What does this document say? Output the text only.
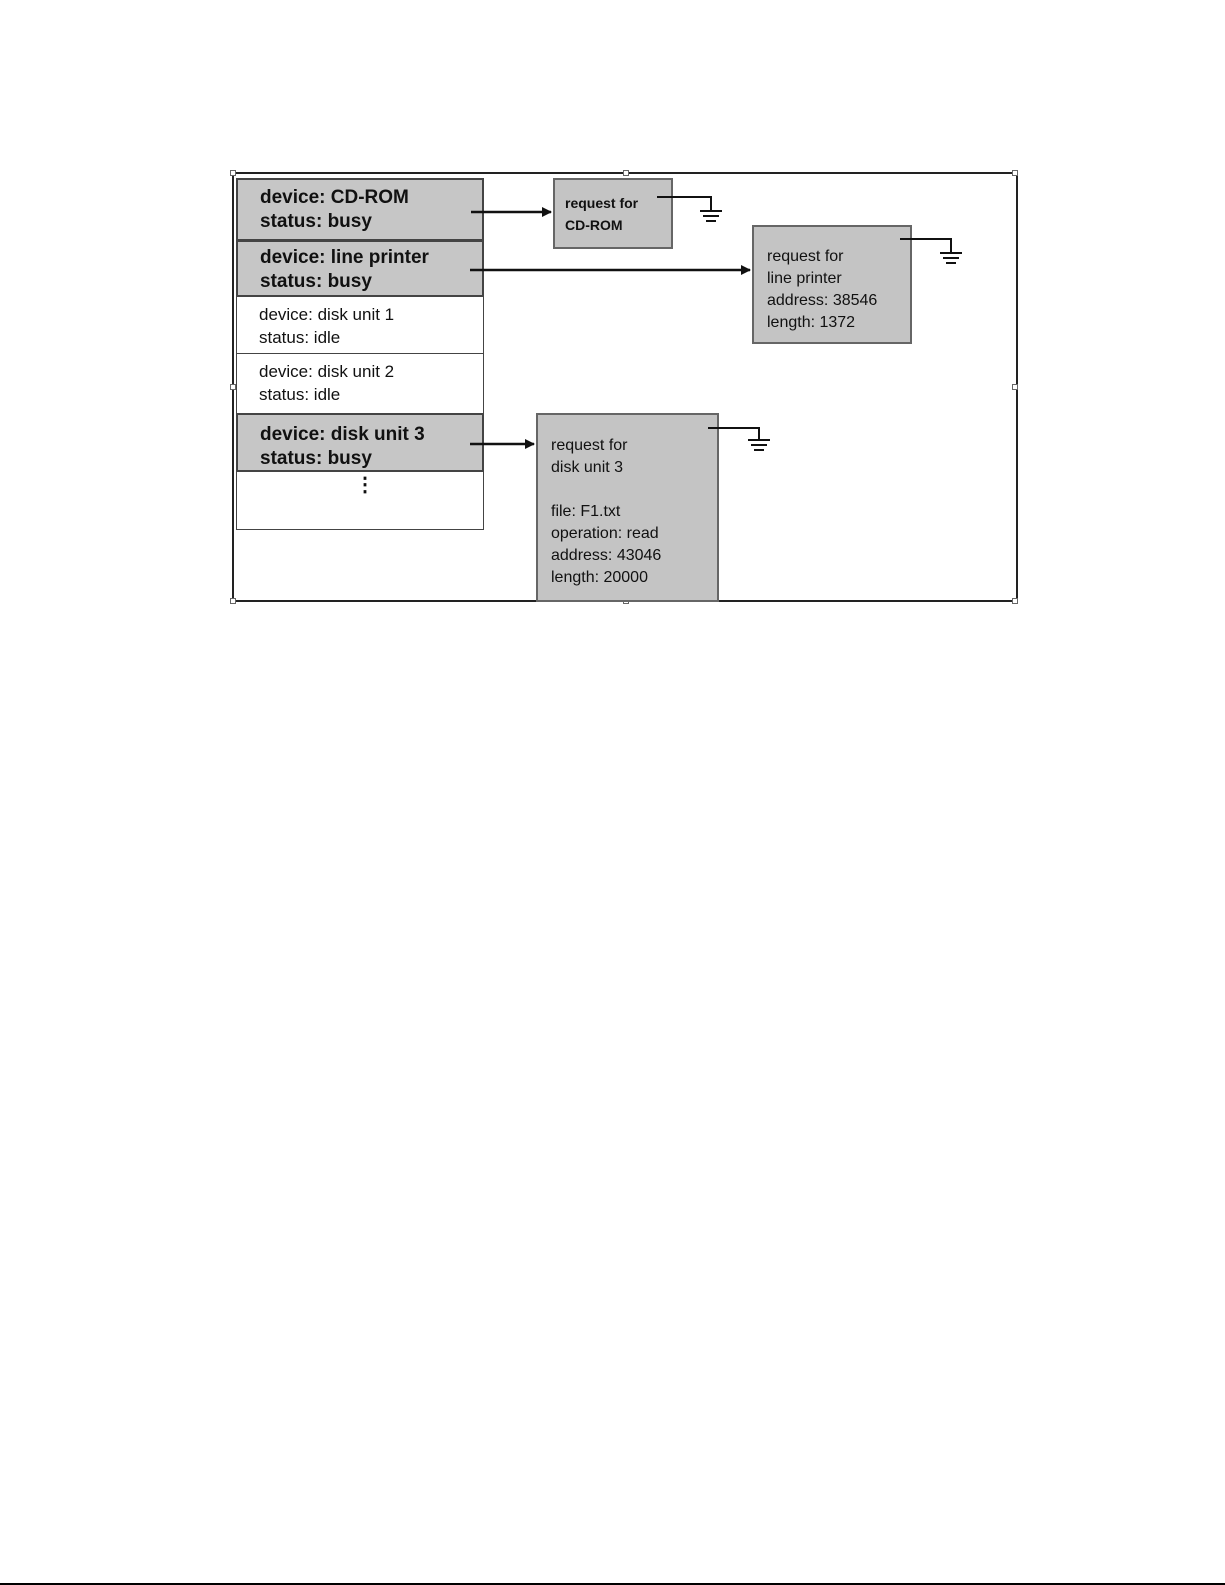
device: CD-ROM
status: busy
device: line printer
status: busy
device: disk unit 1
status: idle
device: disk unit 2
status: idle
device: disk unit 3
status: busy
⋮
request for
CD-ROM
request for
line printer
address: 38546
length: 1372
request for
disk unit 3
file: F1.txt
operation: read
address: 43046
length: 20000
